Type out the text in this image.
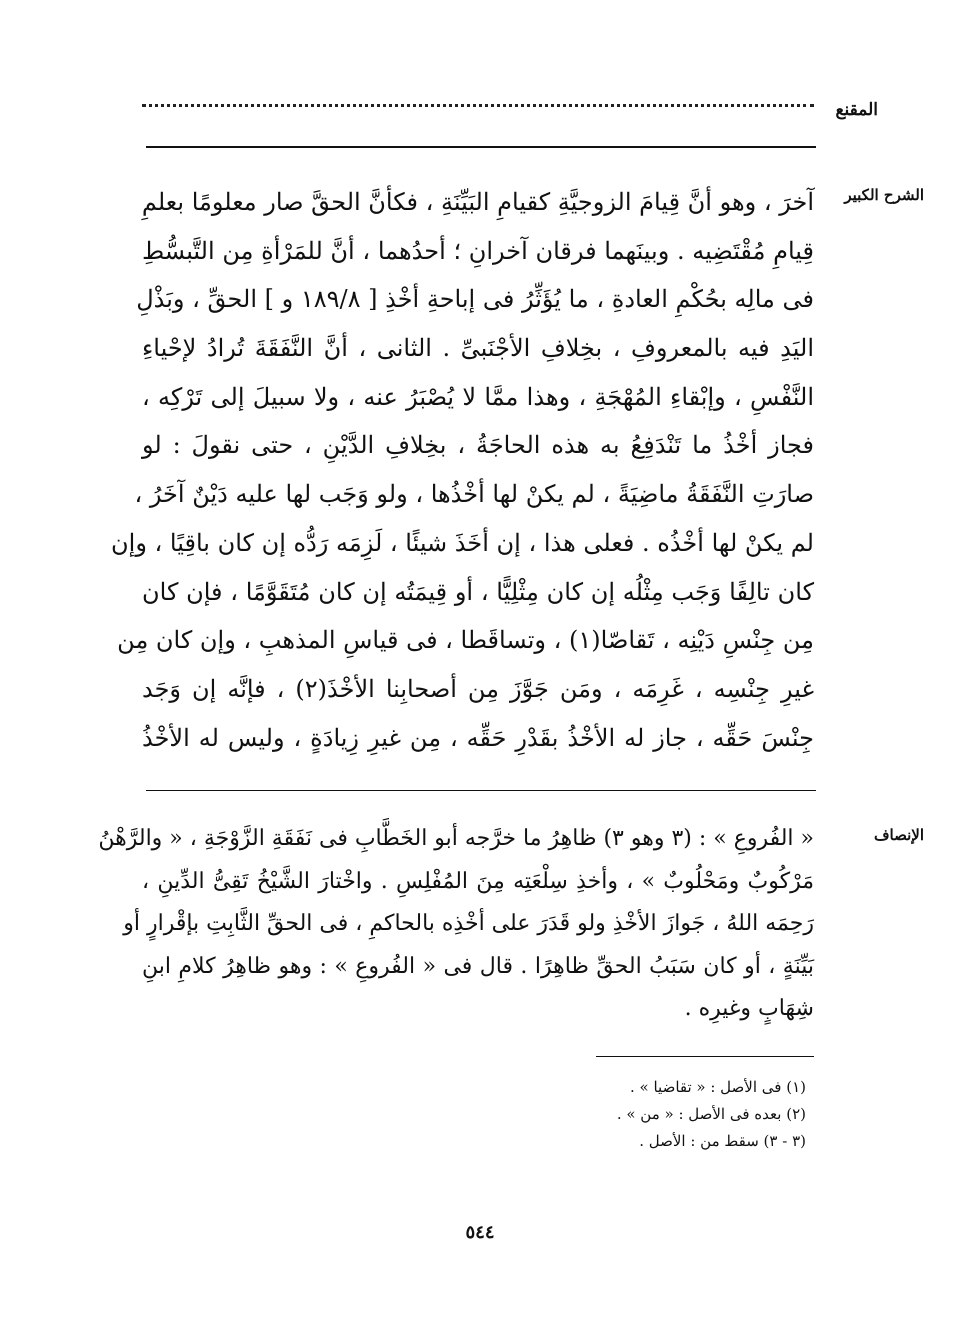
المقنع
الشرح الكبير
آخرَ ، وهو أنَّ قِيامَ الزوجيَّةِ كقيامِ البَيِّنَةِ ، فكأنَّ الحقَّ صار معلومًا بعلمِ
قِيامِ مُقْتَضِيه . وبينَهما فرقان آخرانِ ؛ أحدُهما ، أنَّ للمَرْأةِ مِن التَّبسُّطِ
فى مالِه بحُكْمِ العادةِ ، ما يُؤَثِّرُ فى إباحةِ أخْذِ [ ١٨٩/٨ و ] الحقِّ ، وبَذْلِ
اليَدِ فيه بالمعروفِ ، بخِلافِ الأجْنَبىِّ . الثانى ، أنَّ النَّفَقَةَ تُرادُ لإحْياءِ
النَّفْسِ ، وإبْقاءِ المُهْجَةِ ، وهذا ممَّا لا يُصْبَرُ عنه ، ولا سبيلَ إلى تَرْكِه ،
فجاز أخْذُ ما تَنْدَفِعُ به هذه الحاجَةُ ، بخِلافِ الدَّيْنِ ، حتى نقولَ : لو
صارَتِ النَّفَقَةُ ماضِيَةً ، لم يكنْ لها أخْذُها ، ولو وَجَب لها عليه دَيْنٌ آخَرُ ،
لم يكنْ لها أخْذُه . فعلى هذا ، إن أخَذَ شيئًا ، لَزِمَه رَدُّه إن كان باقِيًا ، وإن
كان تالِفًا وَجَب مِثْلُه إن كان مِثْلِيًّا ، أو قِيمَتُه إن كان مُتَقَوَّمًا ، فإن كان
مِن جِنْسِ دَيْنِه ، تَقاصّا(١) ، وتساقَطا ، فى قياسِ المذهبِ ، وإن كان مِن
غيرِ جِنْسِه ، غَرِمَه ، ومَن جَوَّزَ مِن أصحابِنا الأخْذَ(٢) ، فإنَّه إن وَجَد
جِنْسَ حَقِّه ، جاز له الأخْذُ بقَدْرِ حَقِّه ، مِن غيرِ زِيادَةٍ ، وليس له الأخْذُ
الإنصاف
« الفُروعِ » : (٣ وهو ٣) ظاهِرُ ما خرَّجه أبو الخَطَّابِ فى نَفَقَةِ الزَّوْجَةِ ، « والرَّهْنُ
مَرْكُوبٌ ومَحْلُوبٌ » ، وأخذِ سِلْعَتِه مِنَ المُفْلِسِ . واخْتارَ الشَّيْخُ تَقِىُّ الدِّينِ ،
رَحِمَه اللهُ ، جَوازَ الأخْذِ ولو قَدَرَ على أخْذِه بالحاكمِ ، فى الحقِّ الثَّابِتِ بإقْرارٍ أو
بَيِّنَةٍ ، أو كان سَبَبُ الحقِّ ظاهِرًا . قال فى « الفُروعِ » : وهو ظاهِرُ كلامِ ابنِ
شِهَابٍ وغيرِه .
(١) فى الأصل : « تقاضيا » .
(٢) بعده فى الأصل : « من » .
(٣ - ٣) سقط من : الأصل .
٥٤٤
